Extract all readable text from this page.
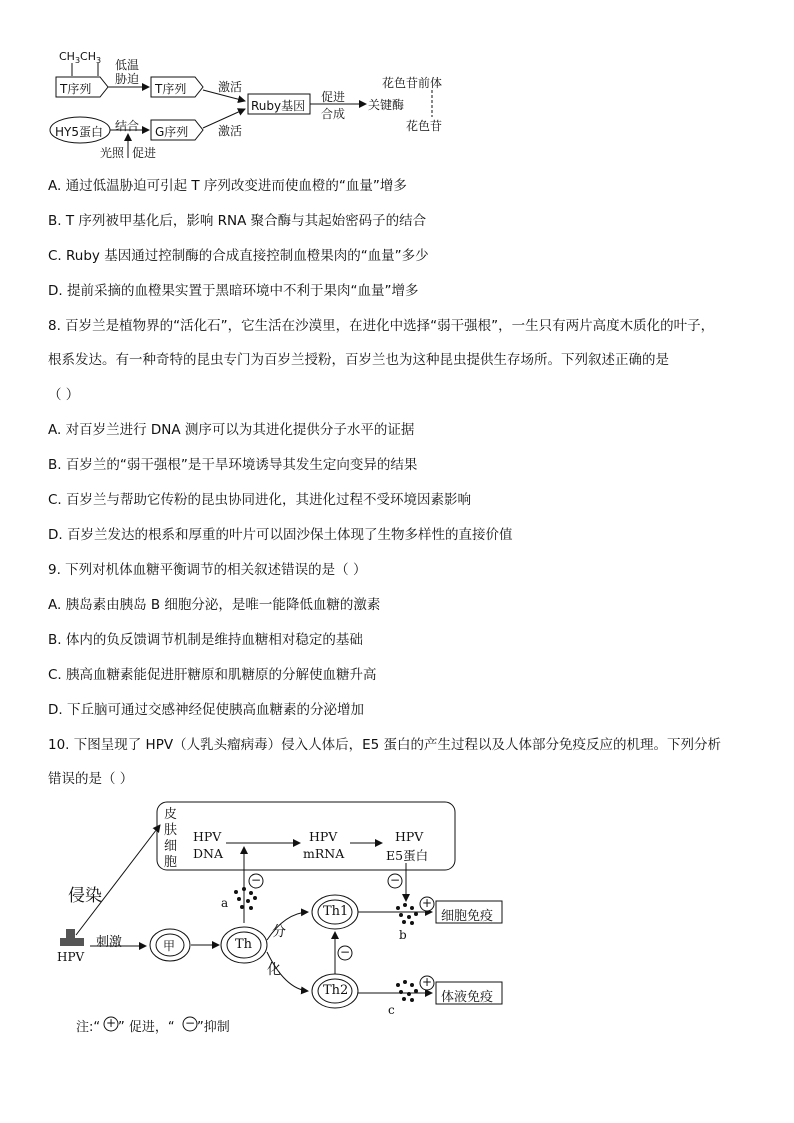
$CH_3CH_3$
T序列
低温
胁迫
T序列	激活
HY5蛋白 结合 G序列
光照 促进
激活
Ruby基因
促进
合成
关键酶
花色苷前体
花色苷
A. 通过低温胁迫可引起 T 序列改变进而使血橙的“血量”增多
B. T 序列被甲基化后，影响 RNA 聚合酶与其起始密码子的结合
C. Ruby 基因通过控制酶的合成直接控制血橙果肉的“血量”多少
D. 提前采摘的血橙果实置于黑暗环境中不利于果肉“血量”增多
8. 百岁兰是植物界的“活化石”，它生活在沙漠里，在进化中选择“弱干强根”，一生只有两片高度木质化的叶子，
根系发达。有一种奇特的昆虫专门为百岁兰授粉，百岁兰也为这种昆虫提供生存场所。下列叙述正确的是
（ ）
A. 对百岁兰进行 DNA 测序可以为其进化提供分子水平的证据
B. 百岁兰的“弱干强根”是干旱环境诱导其发生定向变异的结果
C. 百岁兰与帮助它传粉的昆虫协同进化，其进化过程不受环境因素影响
D. 百岁兰发达的根系和厚重的叶片可以固沙保土体现了生物多样性的直接价值
9. 下列对机体血糖平衡调节的相关叙述错误的是（ ）
A. 胰岛素由胰岛 B 细胞分泌，是唯一能降低血糖的激素
B. 体内的负反馈调节机制是维持血糖相对稳定的基础
C. 胰高血糖素能促进肝糖原和肌糖原的分解使血糖升高
D. 下丘脑可通过交感神经促使胰高血糖素的分泌增加
10. 下图呈现了 HPV（人乳头瘤病毒）侵入人体后，E5 蛋白的产生过程以及人体部分免疫反应的机理。下列分析
错误的是（ ）
−	−
+
−
+
+	−
皮
肤
细
胞
HPV
DNA
HPV
mRNA
HPV
E5蛋白
侵染
刺激
HPV
甲	Th
分
化
Th1
Th2
a
b
c
细胞免疫
体液免疫
注:“ ” 促进，“ ”抑制
